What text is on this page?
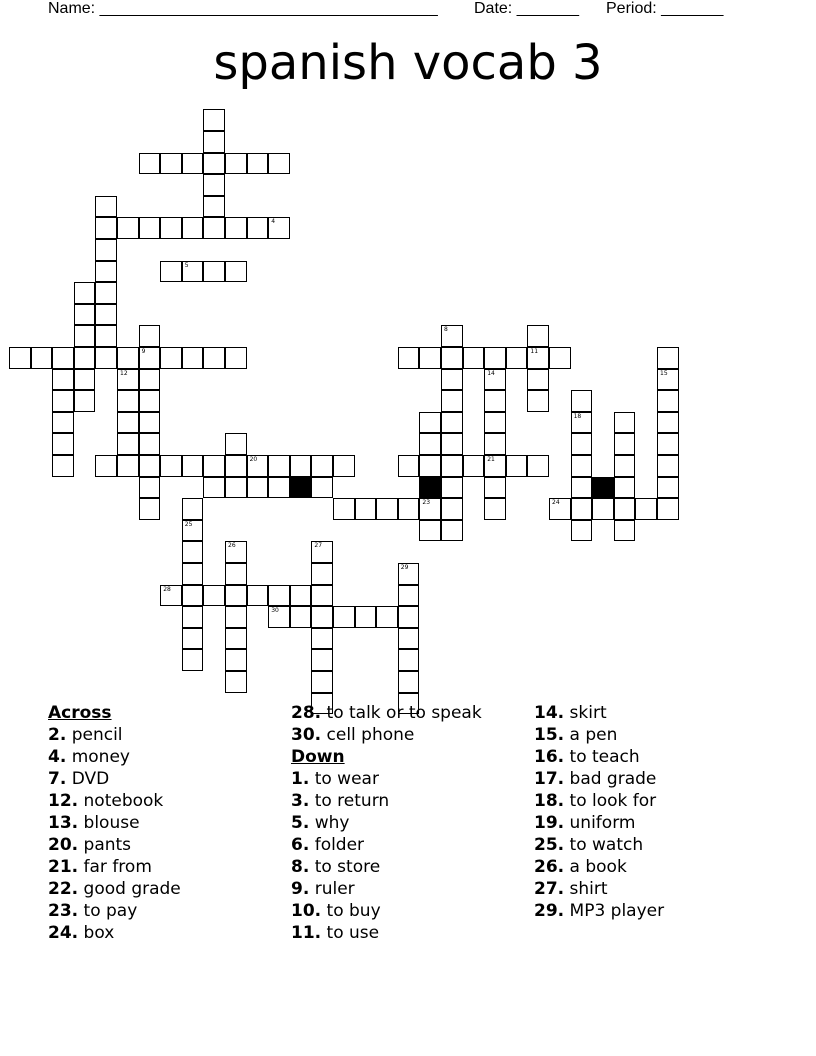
Name: ______________________________________ Date: _______ Period: _______
spanish vocab 3
4
5
9
12
20
25
23
21
11
8
14
18
15
24
28
26	27
30
29
Across
2. pencil
4. money
7. DVD
12. notebook
13. blouse
20. pants
21. far from
22. good grade
23. to pay
24. box
28. to talk or to speak
30. cell phone
Down
1. to wear
3. to return
5. why
6. folder
8. to store
9. ruler
10. to buy
11. to use
14. skirt
15. a pen
16. to teach
17. bad grade
18. to look for
19. uniform
25. to watch
26. a book
27. shirt
29. MP3 player
